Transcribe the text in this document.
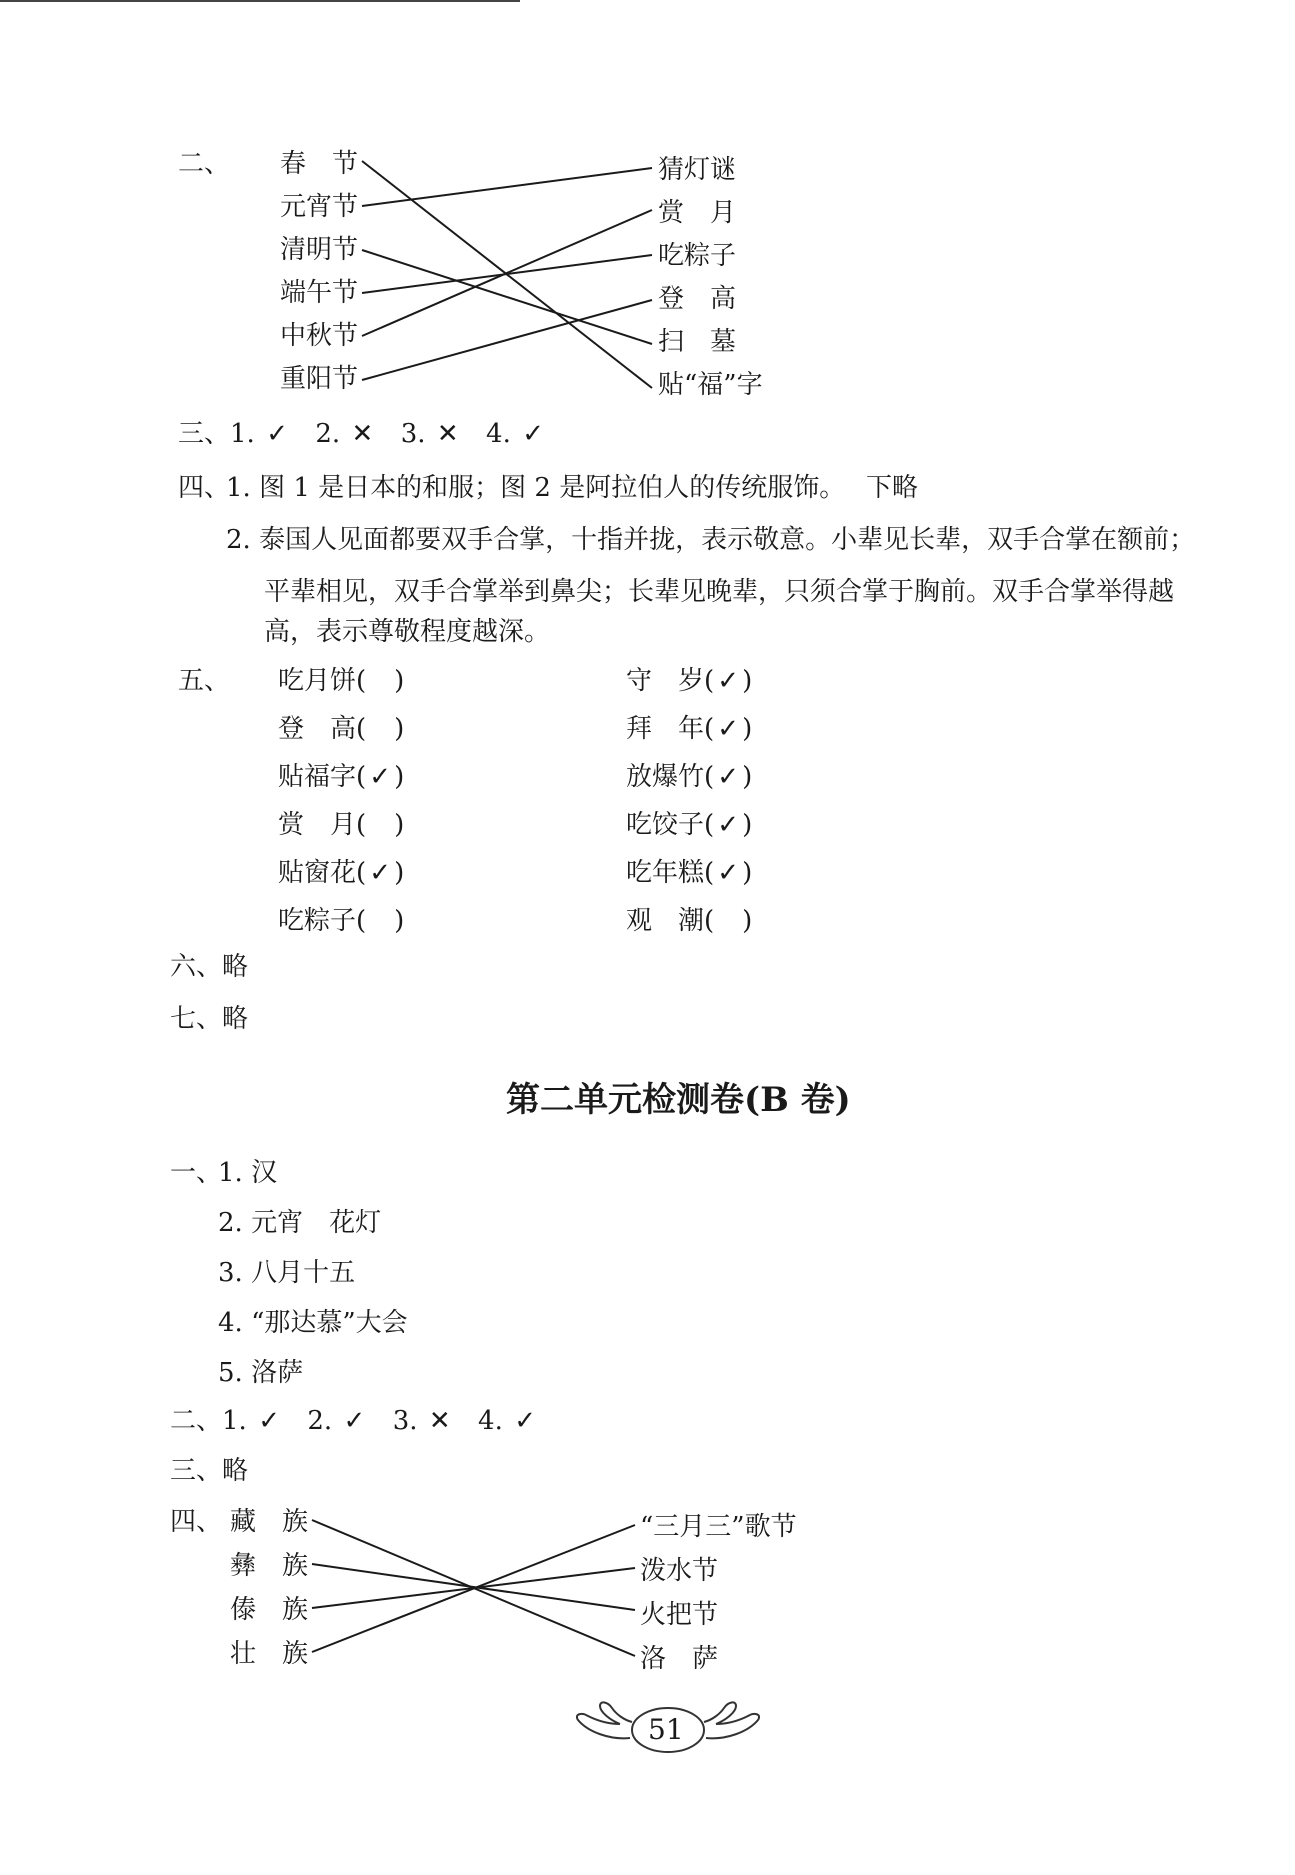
二、 春　节
元宵节
清明节
端午节
中秋节
重阳节
猜灯谜
赏　月
吃粽子
登　高
扫　墓
贴“福”字
三、1. ✓ 2. ✕ 3. ✕ 4. ✓
四、
1. 图 1 是日本的和服；图 2 是阿拉伯人的传统服饰。 下略
2. 泰国人见面都要双手合掌，十指并拢，表示敬意。小辈见长辈，双手合掌在额前；
平辈相见，双手合掌举到鼻尖；长辈见晚辈，只须合掌于胸前。双手合掌举得越
高，表示尊敬程度越深。
五、 吃月饼( )
登　高( )
贴福字( ✓ )
赏　月( )
贴窗花( ✓ )
吃粽子( )
守　岁( ✓ )
拜　年( ✓ )
放爆竹( ✓ )
吃饺子( ✓ )
吃年糕( ✓ )
观　潮( )
六、略
七、略
第二单元检测卷(B 卷)
一、
1. 汉
2. 元宵　花灯
3. 八月十五
4. “那达慕”大会
5. 洛萨
二、1. ✓ 2. ✓ 3. ✕ 4. ✓
三、略
四、 藏　族
彝　族
傣　族
壮　族
“三月三”歌节
泼水节
火把节
洛　萨
51
